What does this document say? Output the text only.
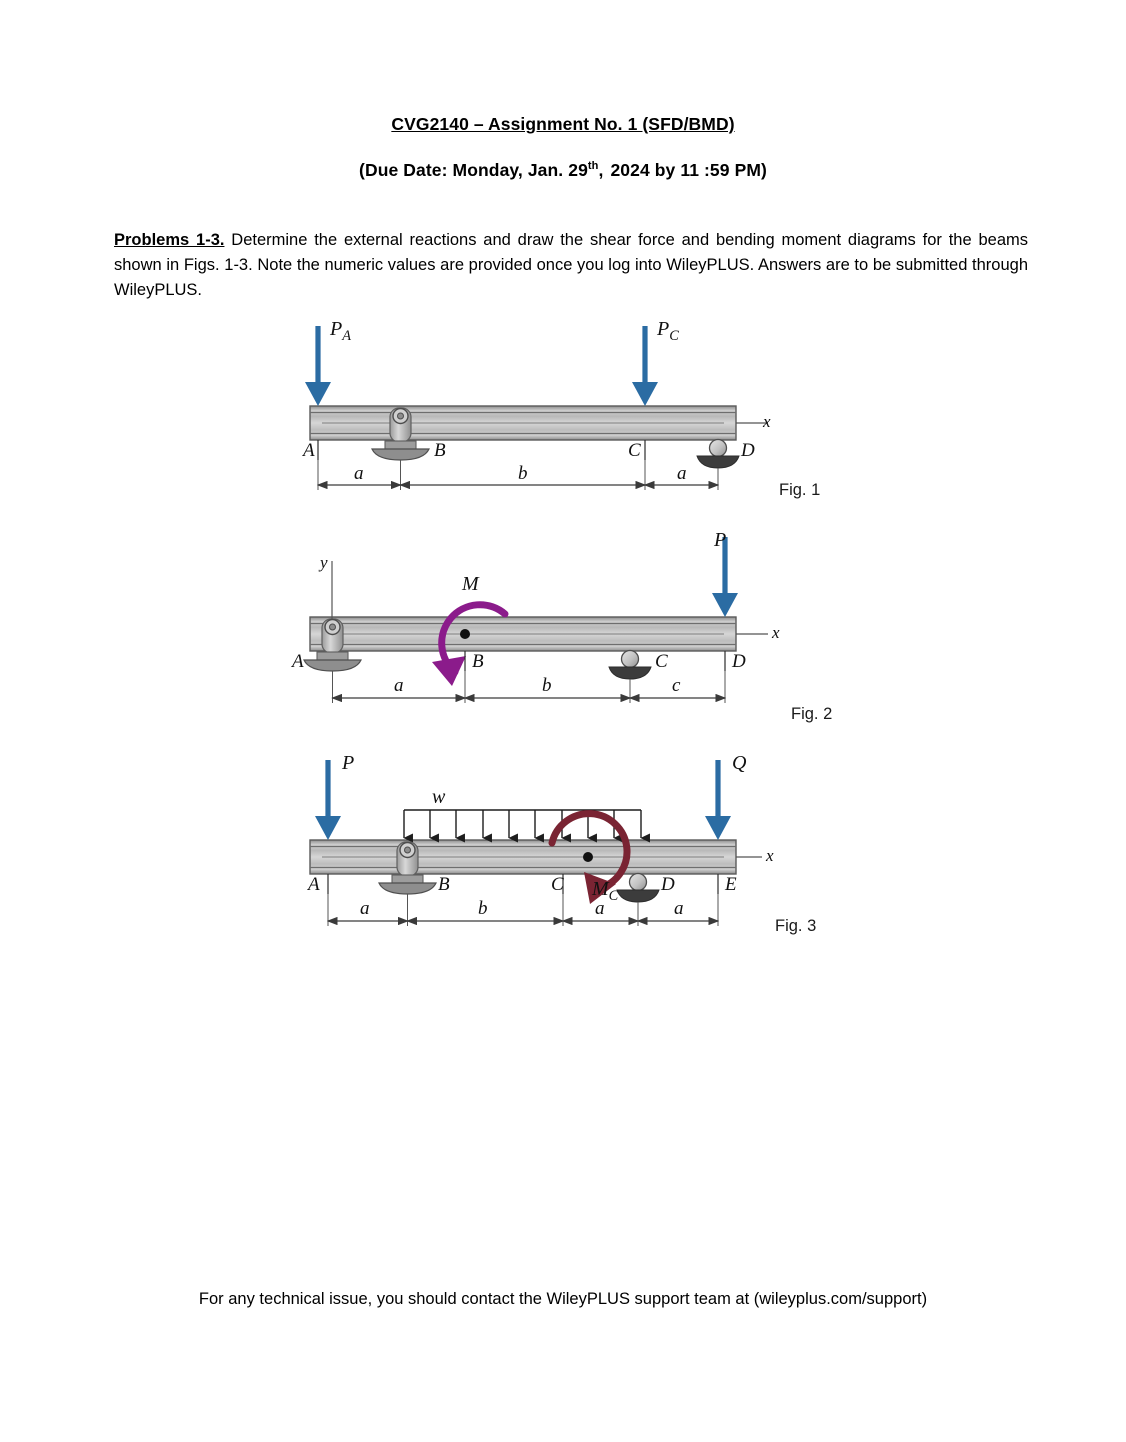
CVG2140 – Assignment No. 1 (SFD/BMD)
(Due Date: Monday, Jan. 29th, 2024 by 11 :59 PM)
Problems 1-3. Determine the external reactions and draw the shear force and bending moment diagrams for the beams shown in Figs. 1-3. Note the numeric values are provided once you log into WileyPLUS. Answers are to be submitted through WileyPLUS.
$P_A$	$P_C$
A	B	C	D
x
a	b	a
Fig. 1
P
M
y
x
A	B	C	D
a	b	c
Fig. 2
P	Q
w
$M_C$
x
A	B	C	D	E
a	b	a	a
Fig. 3
For any technical issue, you should contact the WileyPLUS support team at (wileyplus.com/support)
